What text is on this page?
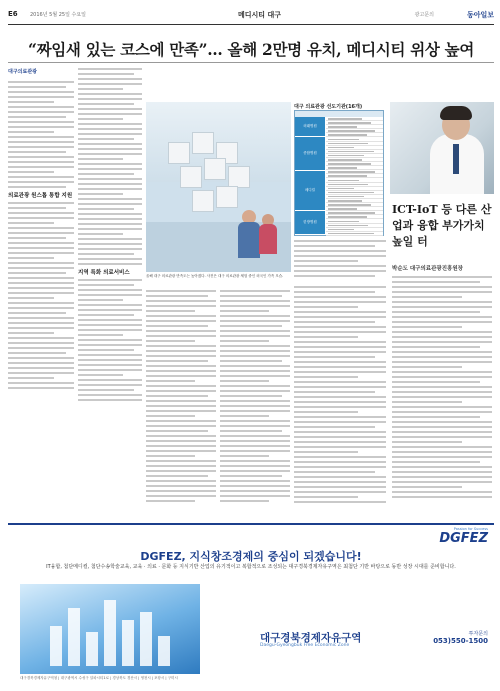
E6 2016년 5월 25일 수요일	메디시티 대구	광고문의	동아일보
“짜임새 있는 코스에 만족”… 올해 2만명 유치, 메디시티 위상 높여
대구의료관광
의료관광 원스톱 통합 지원
지역 특화 의료서비스	올해 대구 의료관광 만족도는 높아졌다. 사진은 대구 의료관광 체험 중인 외국인 가족 모습.
대구 의료관광 선도기관(16개)
외래병원
종합병원
메디컬
한방병원
ICT-IoT 등 다른 산업과 융합 부가가치 높일 터
박순도 대구의료관광진흥원장
Passion for Success
DGFEZ
DGFEZ, 지식창조경제의 중심이 되겠습니다!
IT융합, 첨단메디컬, 첨단수송학술교육, 교육 · 의료 · 문화 등 지식기반 산업의 유기적이고 복합적으로 조성되는 대구경북경제자유구역은 최첨단 기반 바탕으로 동반 성장 시대를 준비합니다.
대구경북경제자유구역
Daegu-Gyeongbuk Free Economic Zone
투자문의
053)550-1500
대구경북경제자유구역청 | 대구광역시 수성구 알파시티1로 | 경상북도 경산시 | 영천시 | 포항시 | 구미시
